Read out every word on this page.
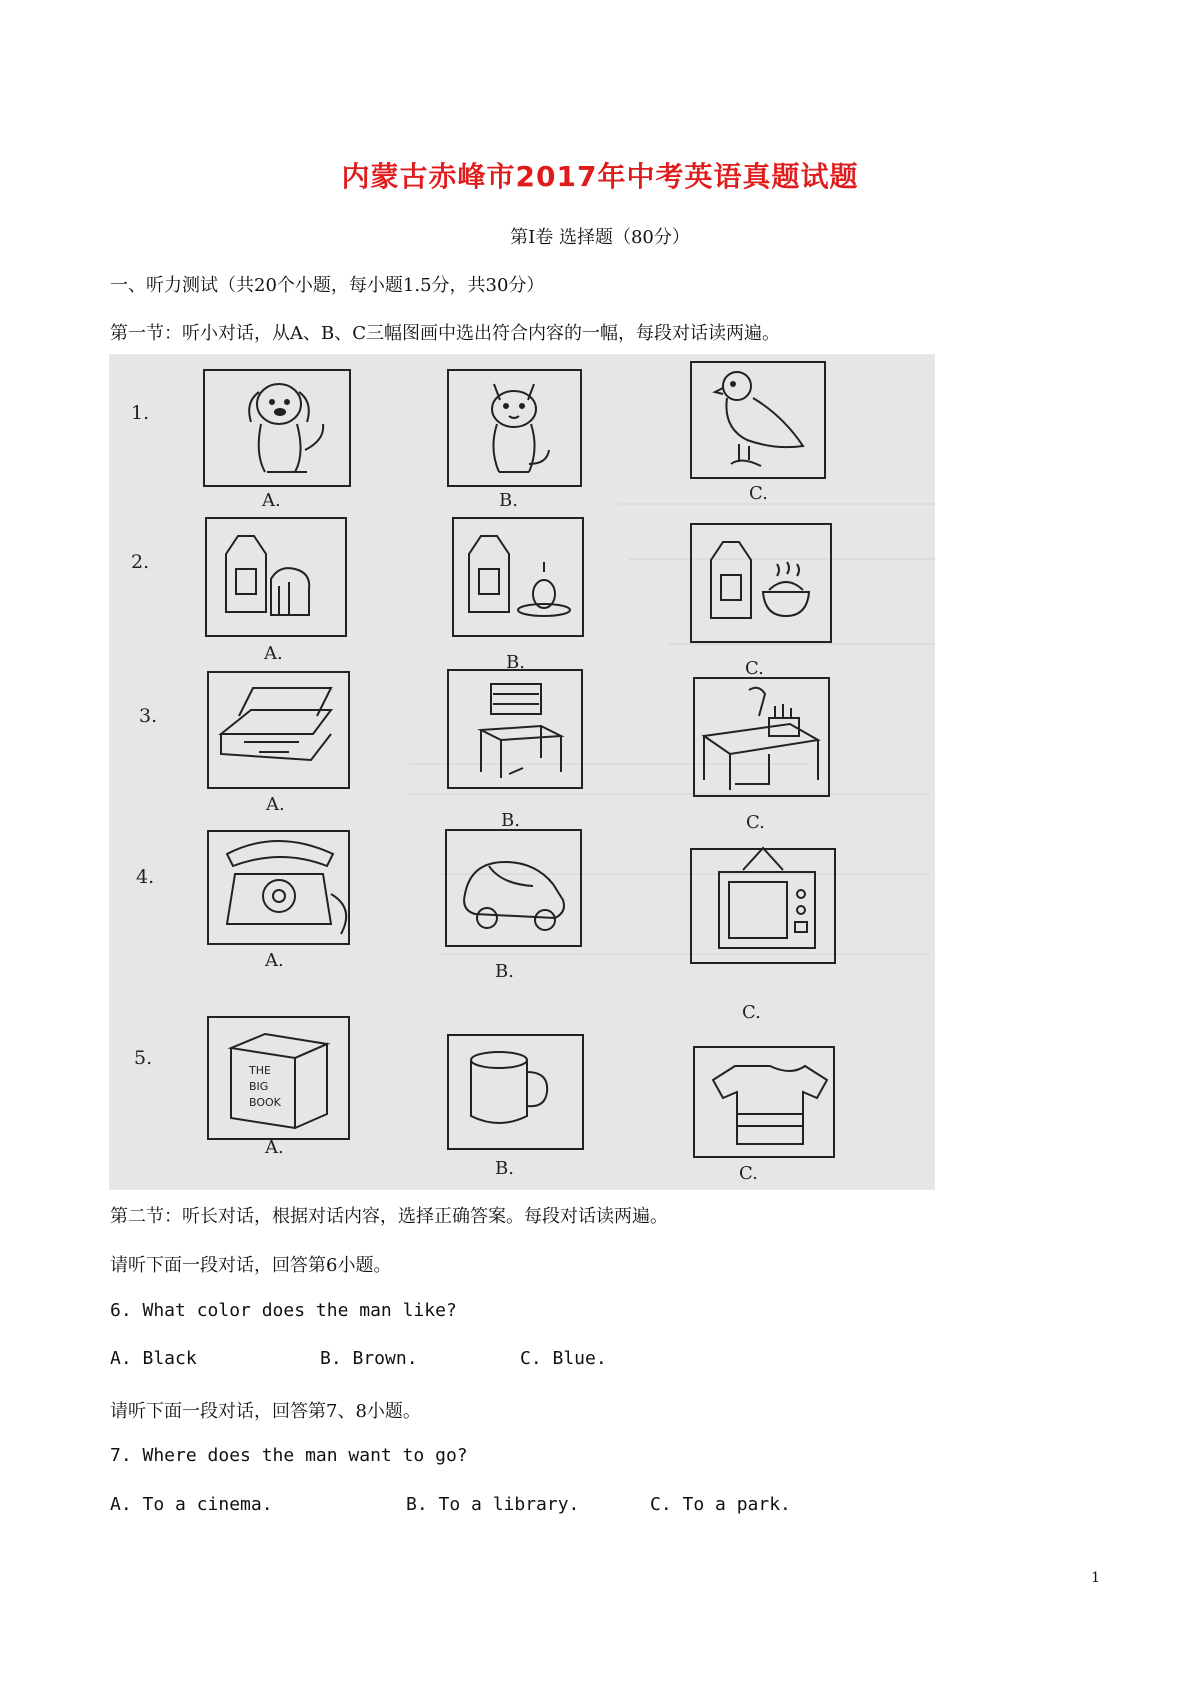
内蒙古赤峰市2017年中考英语真题试题
第Ⅰ卷 选择题（80分）
一、听力测试（共20个小题，每小题1.5分，共30分）
第一节：听小对话，从A、B、C三幅图画中选出符合内容的一幅，每段对话读两遍。
1.
A.	B.	C.
2.
A.	B.	C.
3.
A.
B.	C.
4.
A.
B.
C.
5.
THE
BIG
BOOK
A.
B.	C.
第二节：听长对话，根据对话内容，选择正确答案。每段对话读两遍。
请听下面一段对话，回答第6小题。
6. What color does the man like?
A. Black	B. Brown.	C. Blue.
请听下面一段对话，回答第7、8小题。
7. Where does the man want to go?
A. To a cinema.	B. To a library.	C. To a park.
1
